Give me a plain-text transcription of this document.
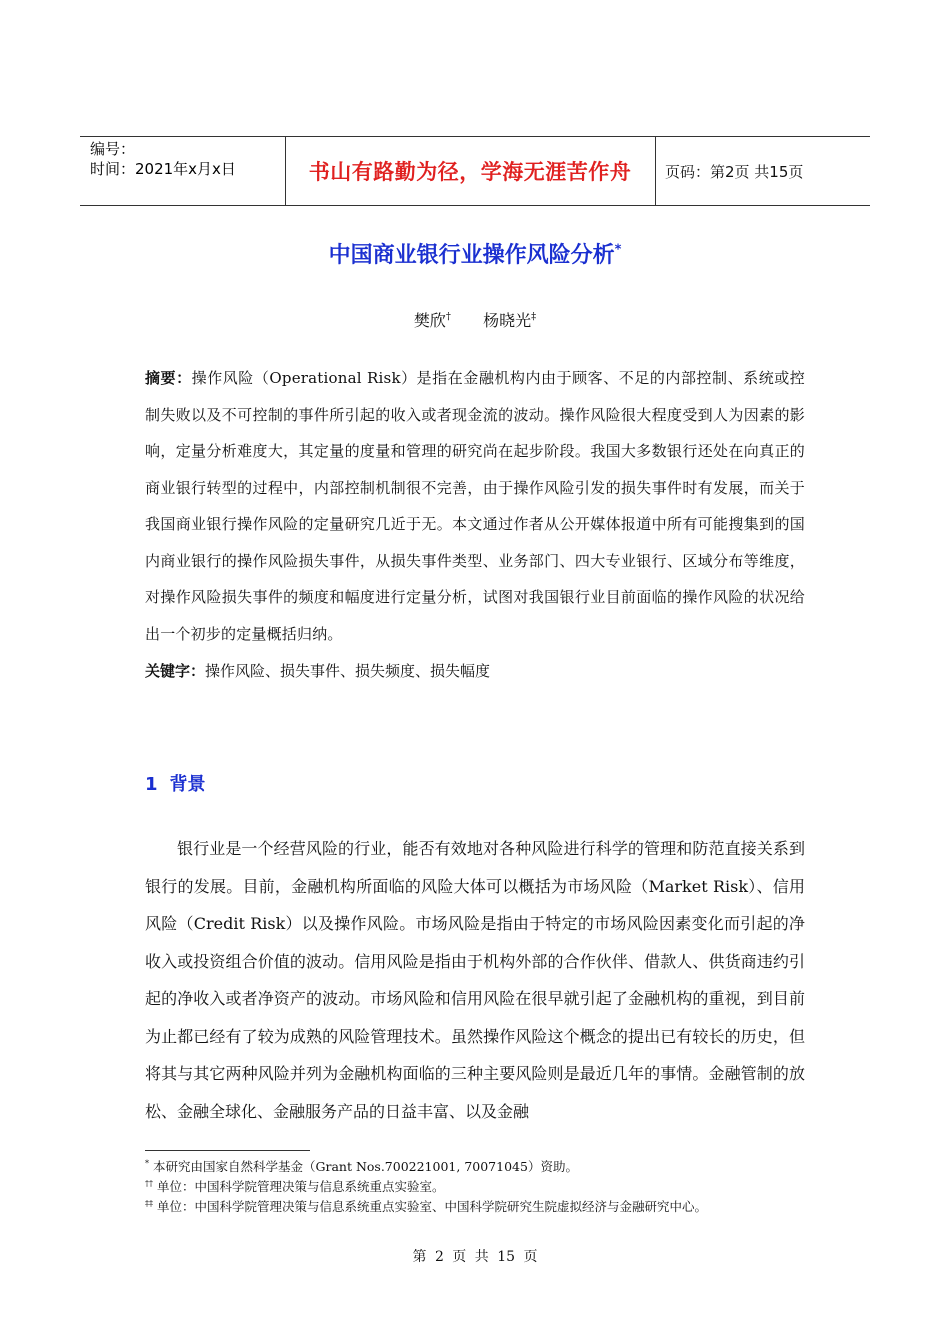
编号：
时间：2021年x月x日	书山有路勤为径，学海无涯苦作舟	页码：第2页 共15页
中国商业银行业操作风险分析*
樊欣† 杨晓光‡
摘要：操作风险（Operational Risk）是指在金融机构内由于顾客、不足的内部控制、系统或控制失败以及不可控制的事件所引起的收入或者现金流的波动。操作风险很大程度受到人为因素的影响，定量分析难度大，其定量的度量和管理的研究尚在起步阶段。我国大多数银行还处在向真正的商业银行转型的过程中，内部控制机制很不完善，由于操作风险引发的损失事件时有发展，而关于我国商业银行操作风险的定量研究几近于无。本文通过作者从公开媒体报道中所有可能搜集到的国内商业银行的操作风险损失事件，从损失事件类型、业务部门、四大专业银行、区域分布等维度，对操作风险损失事件的频度和幅度进行定量分析，试图对我国银行业目前面临的操作风险的状况给出一个初步的定量概括归纳。
关键字：操作风险、损失事件、损失频度、损失幅度
1 背景
银行业是一个经营风险的行业，能否有效地对各种风险进行科学的管理和防范直接关系到银行的发展。目前，金融机构所面临的风险大体可以概括为市场风险（Market Risk）、信用风险（Credit Risk）以及操作风险。市场风险是指由于特定的市场风险因素变化而引起的净收入或投资组合价值的波动。信用风险是指由于机构外部的合作伙伴、借款人、供货商违约引起的净收入或者净资产的波动。市场风险和信用风险在很早就引起了金融机构的重视，到目前为止都已经有了较为成熟的风险管理技术。虽然操作风险这个概念的提出已有较长的历史，但将其与其它两种风险并列为金融机构面临的三种主要风险则是最近几年的事情。金融管制的放松、金融全球化、金融服务产品的日益丰富、以及金融
* 本研究由国家自然科学基金（Grant Nos.700221001, 70071045）资助。
†† 单位：中国科学院管理决策与信息系统重点实验室。
‡‡ 单位：中国科学院管理决策与信息系统重点实验室、中国科学院研究生院虚拟经济与金融研究中心。
第 2 页 共 15 页
